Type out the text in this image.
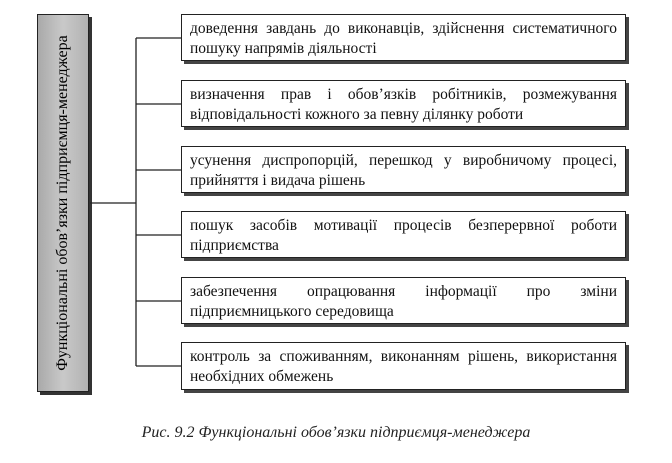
Функціональні обов’язки підприємця-менеджера
доведення завдань до виконавців, здійснення систематичного пошуку напрямів діяльності
визначення прав і обов’язків робітників, розмежування відповідальності кожного за певну ділянку роботи
усунення диспропорцій, перешкод у виробничому процесі, прийняття і видача рішень
пошук засобів мотивації процесів безперервної роботи підприємства
забезпечення опрацювання інформації про зміни підприємницького середовища
контроль за споживанням, виконанням рішень, використання необхідних обмежень
Рис. 9.2 Функціональні обов’язки підприємця-менеджера
